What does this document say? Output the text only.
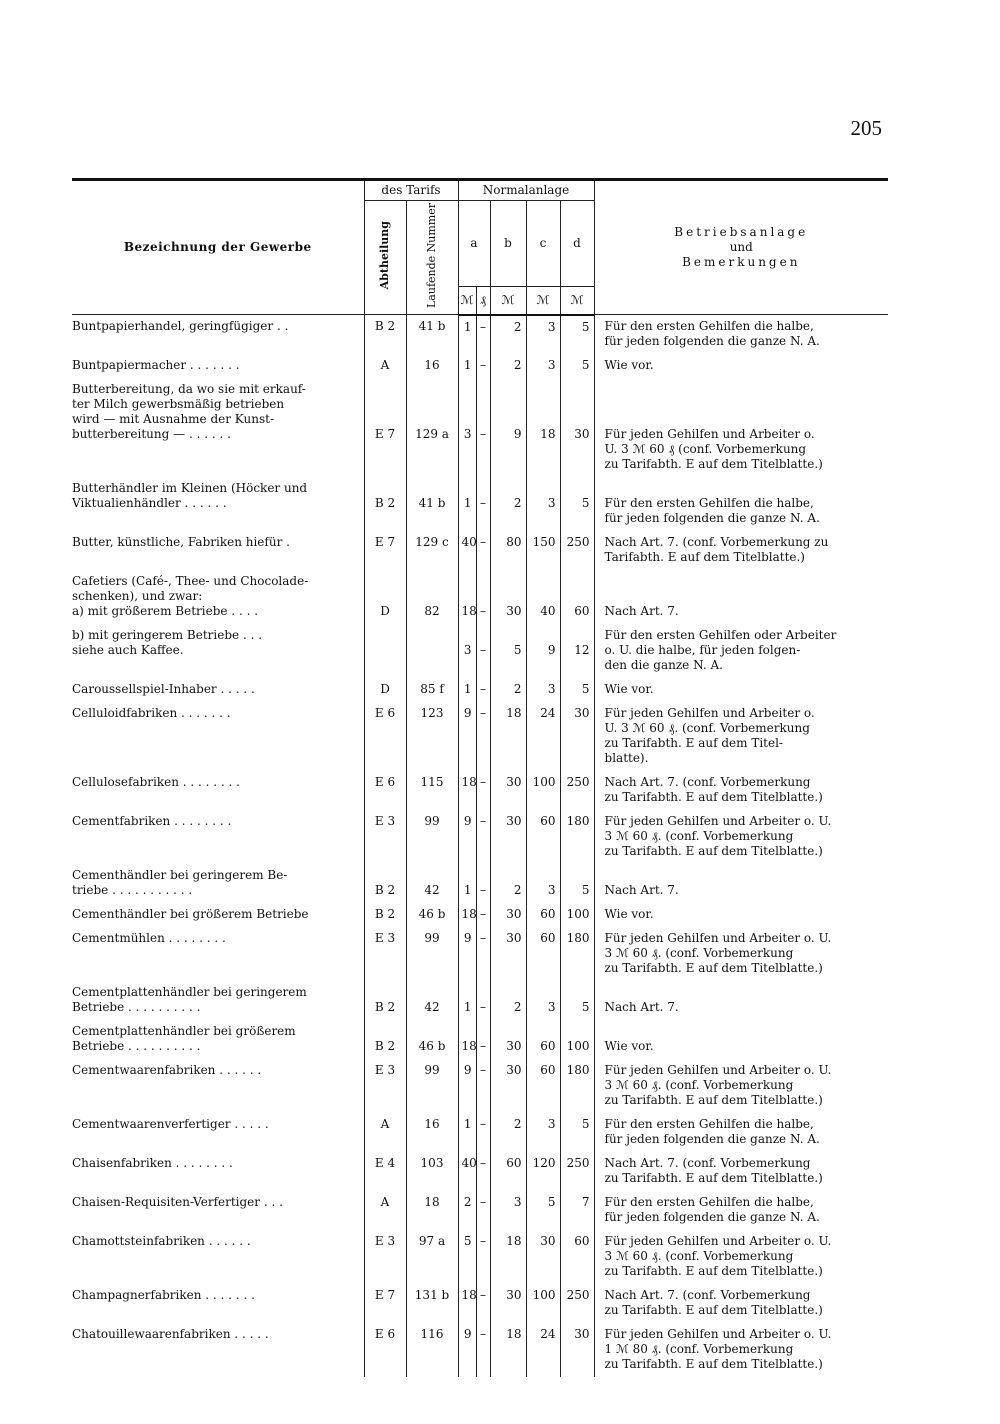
205
Bezeichnung der Gewerbe	des Tarifs		Normalanlage					Betriebsanlage
und
Bemerkungen

	Abtheilung	Laufende Nummer	a		b	c	d	
			ℳ	₰	ℳ	ℳ	ℳ	

Buntpapierhandel, geringfügiger . .	B 2	41 b	1	–	2	3	5	Für den ersten Gehilfen die halbe,
für jeden folgenden die ganze N. A.

Buntpapiermacher . . . . . . .	A	16	1	–	2	3	5	Wie vor.

Butterbereitung, da wo sie mit erkauf-
ter Milch gewerbsmäßig betrieben
wird — mit Ausnahme der Kunst-
butterbereitung — . . . . . .	E 7	129 a	3	–	9	18	30	Für jeden Gehilfen und Arbeiter o.
U. 3 ℳ 60 ₰ (conf. Vorbemerkung
zu Tarifabth. E auf dem Titelblatte.)

Butterhändler im Kleinen (Höcker und
Viktualienhändler . . . . . .	B 2	41 b	1	–	2	3	5	Für den ersten Gehilfen die halbe,
für jeden folgenden die ganze N. A.

Butter, künstliche, Fabriken hiefür .	E 7	129 c	40	–	80	150	250	Nach Art. 7. (conf. Vorbemerkung zu
Tarifabth. E auf dem Titelblatte.)

Cafetiers (Café-, Thee- und Chocolade-
schenken), und zwar:
a) mit größerem Betriebe . . . .	D	82	18	–	30	40	60	Nach Art. 7.

b) mit geringerem Betriebe . . .
siehe auch Kaffee.			3	–	5	9	12	Für den ersten Gehilfen oder Arbeiter
o. U. die halbe, für jeden folgen-
den die ganze N. A.

Caroussellspiel-Inhaber . . . . .	D	85 f	1	–	2	3	5	Wie vor.

Celluloidfabriken . . . . . . .	E 6	123	9	–	18	24	30	Für jeden Gehilfen und Arbeiter o.
U. 3 ℳ 60 ₰. (conf. Vorbemerkung
zu Tarifabth. E auf dem Titel-
blatte).

Cellulosefabriken . . . . . . . .	E 6	115	18	–	30	100	250	Nach Art. 7. (conf. Vorbemerkung
zu Tarifabth. E auf dem Titelblatte.)

Cementfabriken . . . . . . . .	E 3	99	9	–	30	60	180	Für jeden Gehilfen und Arbeiter o. U.
3 ℳ 60 ₰. (conf. Vorbemerkung
zu Tarifabth. E auf dem Titelblatte.)

Cementhändler bei geringerem Be-
triebe . . . . . . . . . . .	B 2	42	1	–	2	3	5	Nach Art. 7.

Cementhändler bei größerem Betriebe	B 2	46 b	18	–	30	60	100	Wie vor.

Cementmühlen . . . . . . . .	E 3	99	9	–	30	60	180	Für jeden Gehilfen und Arbeiter o. U.
3 ℳ 60 ₰. (conf. Vorbemerkung
zu Tarifabth. E auf dem Titelblatte.)

Cementplattenhändler bei geringerem
Betriebe . . . . . . . . . .	B 2	42	1	–	2	3	5	Nach Art. 7.

Cementplattenhändler bei größerem
Betriebe . . . . . . . . . .	B 2	46 b	18	–	30	60	100	Wie vor.

Cementwaarenfabriken . . . . . .	E 3	99	9	–	30	60	180	Für jeden Gehilfen und Arbeiter o. U.
3 ℳ 60 ₰. (conf. Vorbemerkung
zu Tarifabth. E auf dem Titelblatte.)

Cementwaarenverfertiger . . . . .	A	16	1	–	2	3	5	Für den ersten Gehilfen die halbe,
für jeden folgenden die ganze N. A.

Chaisenfabriken . . . . . . . .	E 4	103	40	–	60	120	250	Nach Art. 7. (conf. Vorbemerkung
zu Tarifabth. E auf dem Titelblatte.)

Chaisen-Requisiten-Verfertiger . . .	A	18	2	–	3	5	7	Für den ersten Gehilfen die halbe,
für jeden folgenden die ganze N. A.

Chamottsteinfabriken . . . . . .	E 3	97 a	5	–	18	30	60	Für jeden Gehilfen und Arbeiter o. U.
3 ℳ 60 ₰. (conf. Vorbemerkung
zu Tarifabth. E auf dem Titelblatte.)

Champagnerfabriken . . . . . . .	E 7	131 b	18	–	30	100	250	Nach Art. 7. (conf. Vorbemerkung
zu Tarifabth. E auf dem Titelblatte.)

Chatouillewaarenfabriken . . . . .	E 6	116	9	–	18	24	30	Für jeden Gehilfen und Arbeiter o. U.
1 ℳ 80 ₰. (conf. Vorbemerkung
zu Tarifabth. E auf dem Titelblatte.)
